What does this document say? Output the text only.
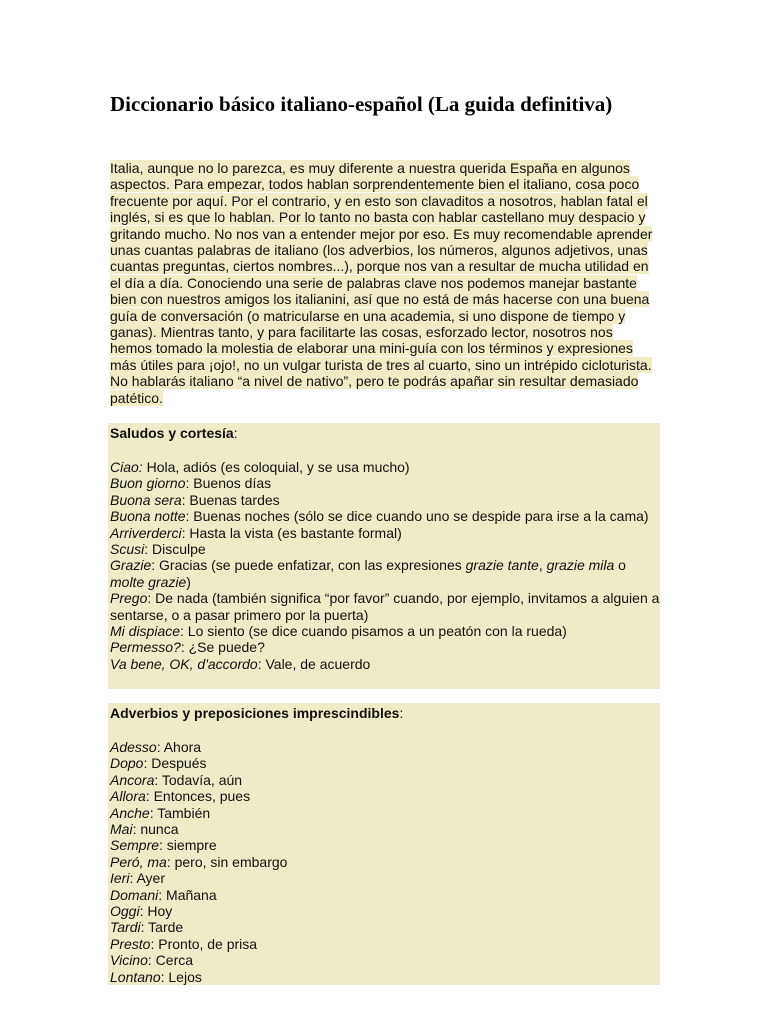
Diccionario básico italiano-español (La guida definitiva)

Italia, aunque no lo parezca, es muy diferente a nuestra querida España en algunos aspectos. Para empezar, todos hablan sorprendentemente bien el italiano, cosa poco frecuente por aquí. Por el contrario, y en esto son clavaditos a nosotros, hablan fatal el inglés, si es que lo hablan. Por lo tanto no basta con hablar castellano muy despacio y gritando mucho. No nos van a entender mejor por eso. Es muy recomendable aprender unas cuantas palabras de italiano (los adverbios, los números, algunos adjetivos, unas cuantas preguntas, ciertos nombres...), porque nos van a resultar de mucha utilidad en el día a día. Conociendo una serie de palabras clave nos podemos manejar bastante bien con nuestros amigos los italianini, así que no está de más hacerse con una buena guía de conversación (o matricularse en una academia, si uno dispone de tiempo y ganas). Mientras tanto, y para facilitarte las cosas, esforzado lector, nosotros nos hemos tomado la molestia de elaborar una mini-guía con los términos y expresiones más útiles para ¡ojo!, no un vulgar turista de tres al cuarto, sino un intrépido cicloturista. No hablarás italiano “a nivel de nativo”, pero te podrás apañar sin resultar demasiado patético.

Saludos y cortesía:
Ciao: Hola, adiós (es coloquial, y se usa mucho)
Buon giorno: Buenos días
Buona sera: Buenas tardes
Buona notte: Buenas noches (sólo se dice cuando uno se despide para irse a la cama)
Arriverderci: Hasta la vista (es bastante formal)
Scusi: Disculpe
Grazie: Gracias (se puede enfatizar, con las expresiones grazie tante, grazie mila o molte grazie)
Prego: De nada (también significa “por favor” cuando, por ejemplo, invitamos a alguien a sentarse, o a pasar primero por la puerta)
Mi dispiace: Lo siento (se dice cuando pisamos a un peatón con la rueda)
Permesso?: ¿Se puede?
Va bene, OK, d'accordo: Vale, de acuerdo
Adverbios y preposiciones imprescindibles:
Adesso: Ahora
Dopo: Después
Ancora: Todavía, aún
Allora: Entonces, pues
Anche: También
Mai: nunca
Sempre: siempre
Peró, ma: pero, sin embargo
Ieri: Ayer
Domani: Mañana
Oggi: Hoy
Tardi: Tarde
Presto: Pronto, de prisa
Vicino: Cerca
Lontano: Lejos
